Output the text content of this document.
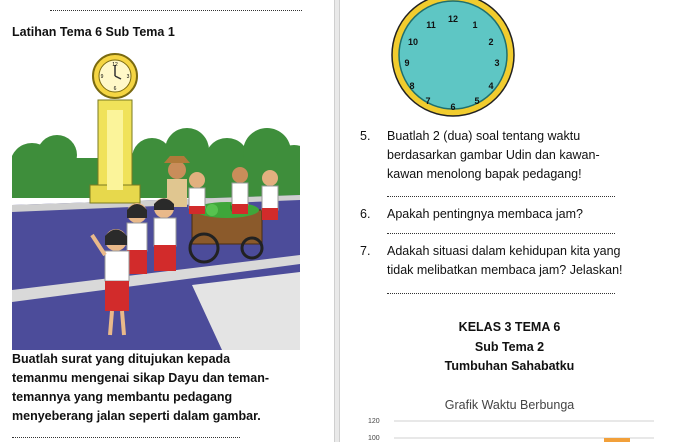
Latihan Tema 6 Sub Tema 1
12
3
6
9
Buatlah surat yang ditujukan kepada
temanmu mengenai sikap Dayu dan teman-
temannya yang membantu pedagang
menyeberang jalan seperti dalam gambar.
12
1
2
3
4
5
6
7
8
9
10
11
5. Buatlah 2 (dua) soal tentang waktu
berdasarkan gambar Udin dan kawan-
kawan menolong bapak pedagang!
6. Apakah pentingnya membaca jam?
7. Adakah situasi dalam kehidupan kita yang
tidak melibatkan membaca jam? Jelaskan!
KELAS 3 TEMA 6
Sub Tema 2
Tumbuhan Sahabatku
Grafik Waktu Berbunga
120
100
